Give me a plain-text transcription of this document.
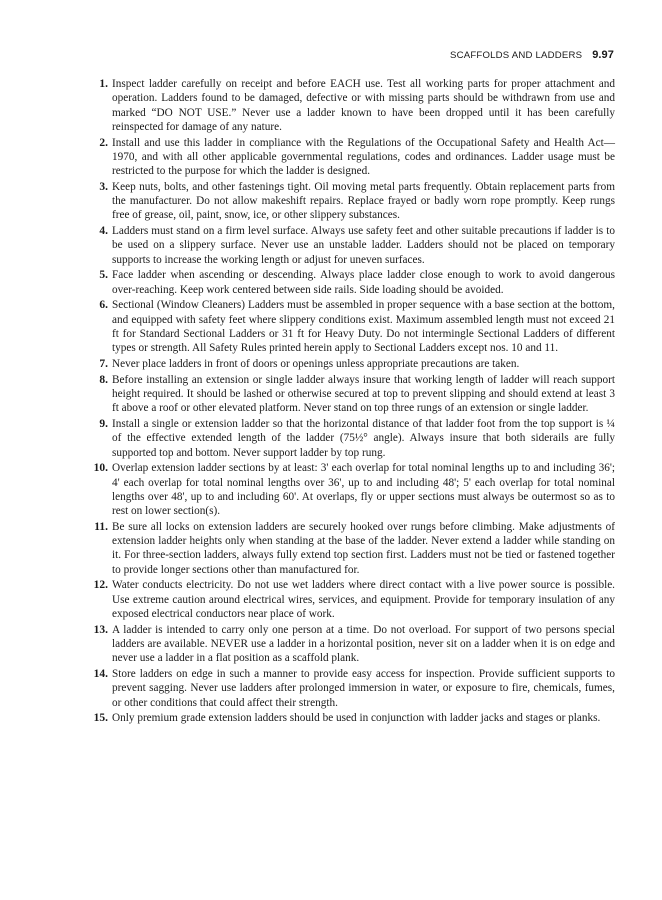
SCAFFOLDS AND LADDERS 9.97
1. Inspect ladder carefully on receipt and before EACH use. Test all working parts for proper attachment and operation. Ladders found to be damaged, defective or with missing parts should be withdrawn from use and marked “DO NOT USE.” Never use a ladder known to have been dropped until it has been carefully reinspected for damage of any nature.
2. Install and use this ladder in compliance with the Regulations of the Occupational Safety and Health Act—1970, and with all other applicable governmental regulations, codes and ordinances. Ladder usage must be restricted to the purpose for which the ladder is designed.
3. Keep nuts, bolts, and other fastenings tight. Oil moving metal parts frequently. Obtain replacement parts from the manufacturer. Do not allow makeshift repairs. Replace frayed or badly worn rope promptly. Keep rungs free of grease, oil, paint, snow, ice, or other slippery substances.
4. Ladders must stand on a firm level surface. Always use safety feet and other suitable precautions if ladder is to be used on a slippery surface. Never use an unstable ladder. Ladders should not be placed on temporary supports to increase the working length or adjust for uneven surfaces.
5. Face ladder when ascending or descending. Always place ladder close enough to work to avoid dangerous over-reaching. Keep work centered between side rails. Side loading should be avoided.
6. Sectional (Window Cleaners) Ladders must be assembled in proper sequence with a base section at the bottom, and equipped with safety feet where slippery conditions exist. Maximum assembled length must not exceed 21 ft for Standard Sectional Ladders or 31 ft for Heavy Duty. Do not intermingle Sectional Ladders of different types or strength. All Safety Rules printed herein apply to Sectional Ladders except nos. 10 and 11.
7. Never place ladders in front of doors or openings unless appropriate precautions are taken.
8. Before installing an extension or single ladder always insure that working length of ladder will reach support height required. It should be lashed or otherwise secured at top to prevent slipping and should extend at least 3 ft above a roof or other elevated platform. Never stand on top three rungs of an extension or single ladder.
9. Install a single or extension ladder so that the horizontal distance of that ladder foot from the top support is ¼ of the effective extended length of the ladder (75½° angle). Always insure that both siderails are fully supported top and bottom. Never support ladder by top rung.
10. Overlap extension ladder sections by at least: 3' each overlap for total nominal lengths up to and including 36'; 4' each overlap for total nominal lengths over 36', up to and including 48'; 5' each overlap for total nominal lengths over 48', up to and including 60'. At overlaps, fly or upper sections must always be outermost so as to rest on lower section(s).
11. Be sure all locks on extension ladders are securely hooked over rungs before climbing. Make adjustments of extension ladder heights only when standing at the base of the ladder. Never extend a ladder while standing on it. For three-section ladders, always fully extend top section first. Ladders must not be tied or fastened together to provide longer sections other than manufactured for.
12. Water conducts electricity. Do not use wet ladders where direct contact with a live power source is possible. Use extreme caution around electrical wires, services, and equipment. Provide for temporary insulation of any exposed electrical conductors near place of work.
13. A ladder is intended to carry only one person at a time. Do not overload. For support of two persons special ladders are available. NEVER use a ladder in a horizontal position, never sit on a ladder when it is on edge and never use a ladder in a flat position as a scaffold plank.
14. Store ladders on edge in such a manner to provide easy access for inspection. Provide sufficient supports to prevent sagging. Never use ladders after prolonged immersion in water, or exposure to fire, chemicals, fumes, or other conditions that could affect their strength.
15. Only premium grade extension ladders should be used in conjunction with ladder jacks and stages or planks.
